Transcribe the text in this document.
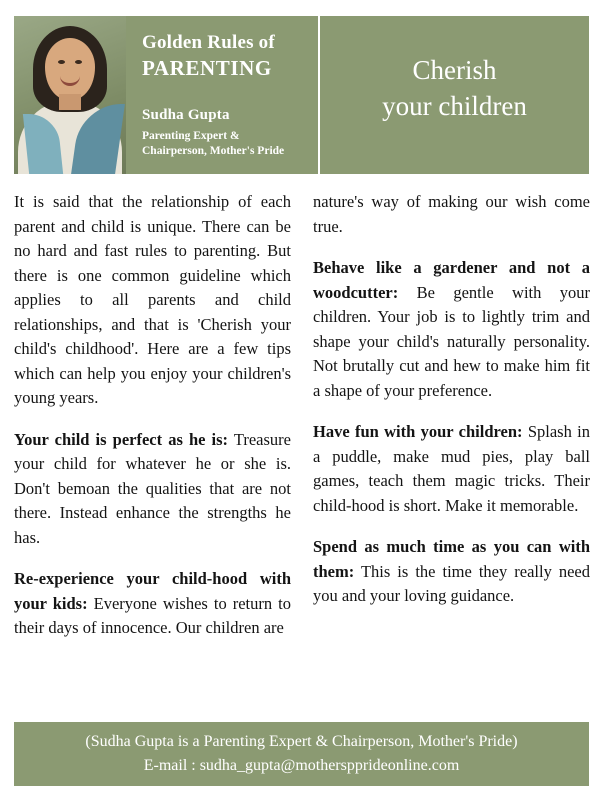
Golden Rules of
PARENTING
Sudha Gupta
Parenting Expert &
Chairperson, Mother's Pride
Cherish
your children

It is said that the relationship of each parent and child is unique. There can be no hard and fast rules to parenting. But there is one common guideline which applies to all parents and child relationships, and that is 'Cherish your child's childhood'. Here are a few tips which can help you enjoy your children's young years.

Your child is perfect as he is: Treasure your child for whatever he or she is. Don't bemoan the qualities that are not there. Instead enhance the strengths he has.

Re-experience your child-hood with your kids: Everyone wishes to return to their days of innocence. Our children are

nature's way of making our wish come true.

Behave like a gardener and not a woodcutter: Be gentle with your children. Your job is to lightly trim and shape your child's naturally personality. Not brutally cut and hew to make him fit a shape of your preference.

Have fun with your children: Splash in a puddle, make mud pies, play ball games, teach them magic tricks. Their child-hood is short. Make it memorable.

Spend as much time as you can with them: This is the time they really need you and your loving guidance.

(Sudha Gupta is a Parenting Expert & Chairperson, Mother's Pride)
E-mail : sudha_gupta@motherspprideonline.com
